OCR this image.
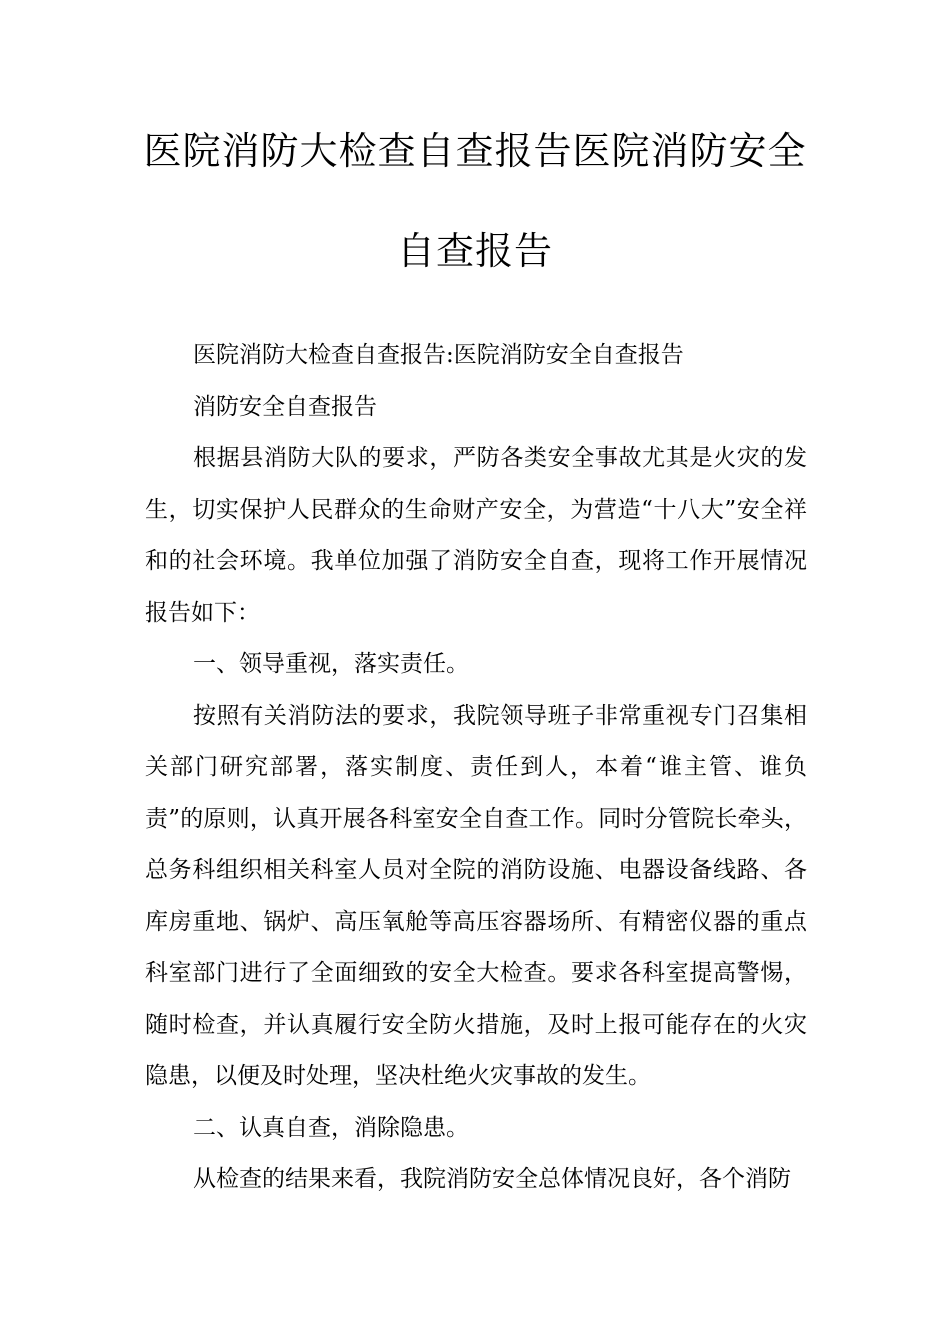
医院消防大检查自查报告医院消防安全
自查报告

医院消防大检查自查报告:医院消防安全自查报告

消防安全自查报告

根据县消防大队的要求，严防各类安全事故尤其是火灾的发生，切实保护人民群众的生命财产安全，为营造“十八大”安全祥和的社会环境。我单位加强了消防安全自查，现将工作开展情况报告如下：

一、领导重视，落实责任。

按照有关消防法的要求，我院领导班子非常重视专门召集相关部门研究部署，落实制度、责任到人，本着“谁主管、谁负责”的原则，认真开展各科室安全自查工作。同时分管院长牵头，总务科组织相关科室人员对全院的消防设施、电器设备线路、各库房重地、锅炉、高压氧舱等高压容器场所、有精密仪器的重点科室部门进行了全面细致的安全大检查。要求各科室提高警惕，随时检查，并认真履行安全防火措施，及时上报可能存在的火灾隐患，以便及时处理，坚决杜绝火灾事故的发生。

二、认真自查，消除隐患。

从检查的结果来看，我院消防安全总体情况良好，各个消防
